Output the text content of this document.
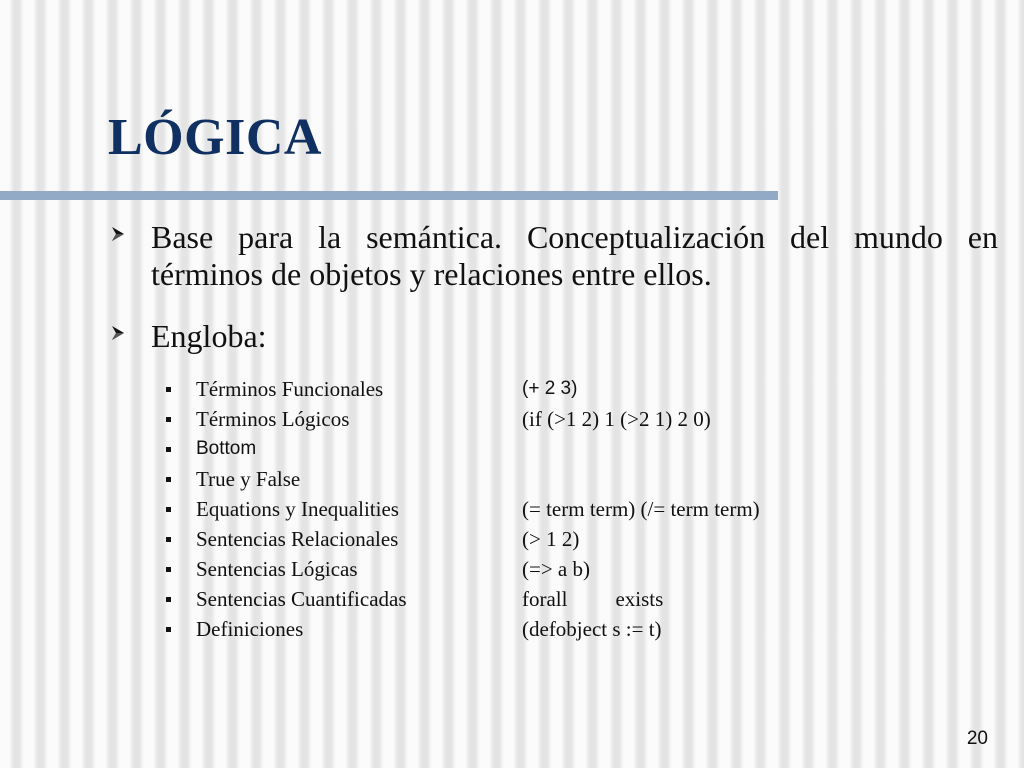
LÓGICA
Base para la semántica. Conceptualización del mundo en términos de objetos y relaciones entre ellos.
Engloba:
Términos Funcionales	(+ 2 3)
Términos Lógicos	(if (>1 2) 1 (>2 1) 2 0)
Bottom
True y False
Equations y Inequalities	(= term term) (/= term term)
Sentencias Relacionales	(> 1 2)
Sentencias Lógicas	(=> a b)
Sentencias Cuantificadas	forall exists
Definiciones	(defobject s := t)
20
